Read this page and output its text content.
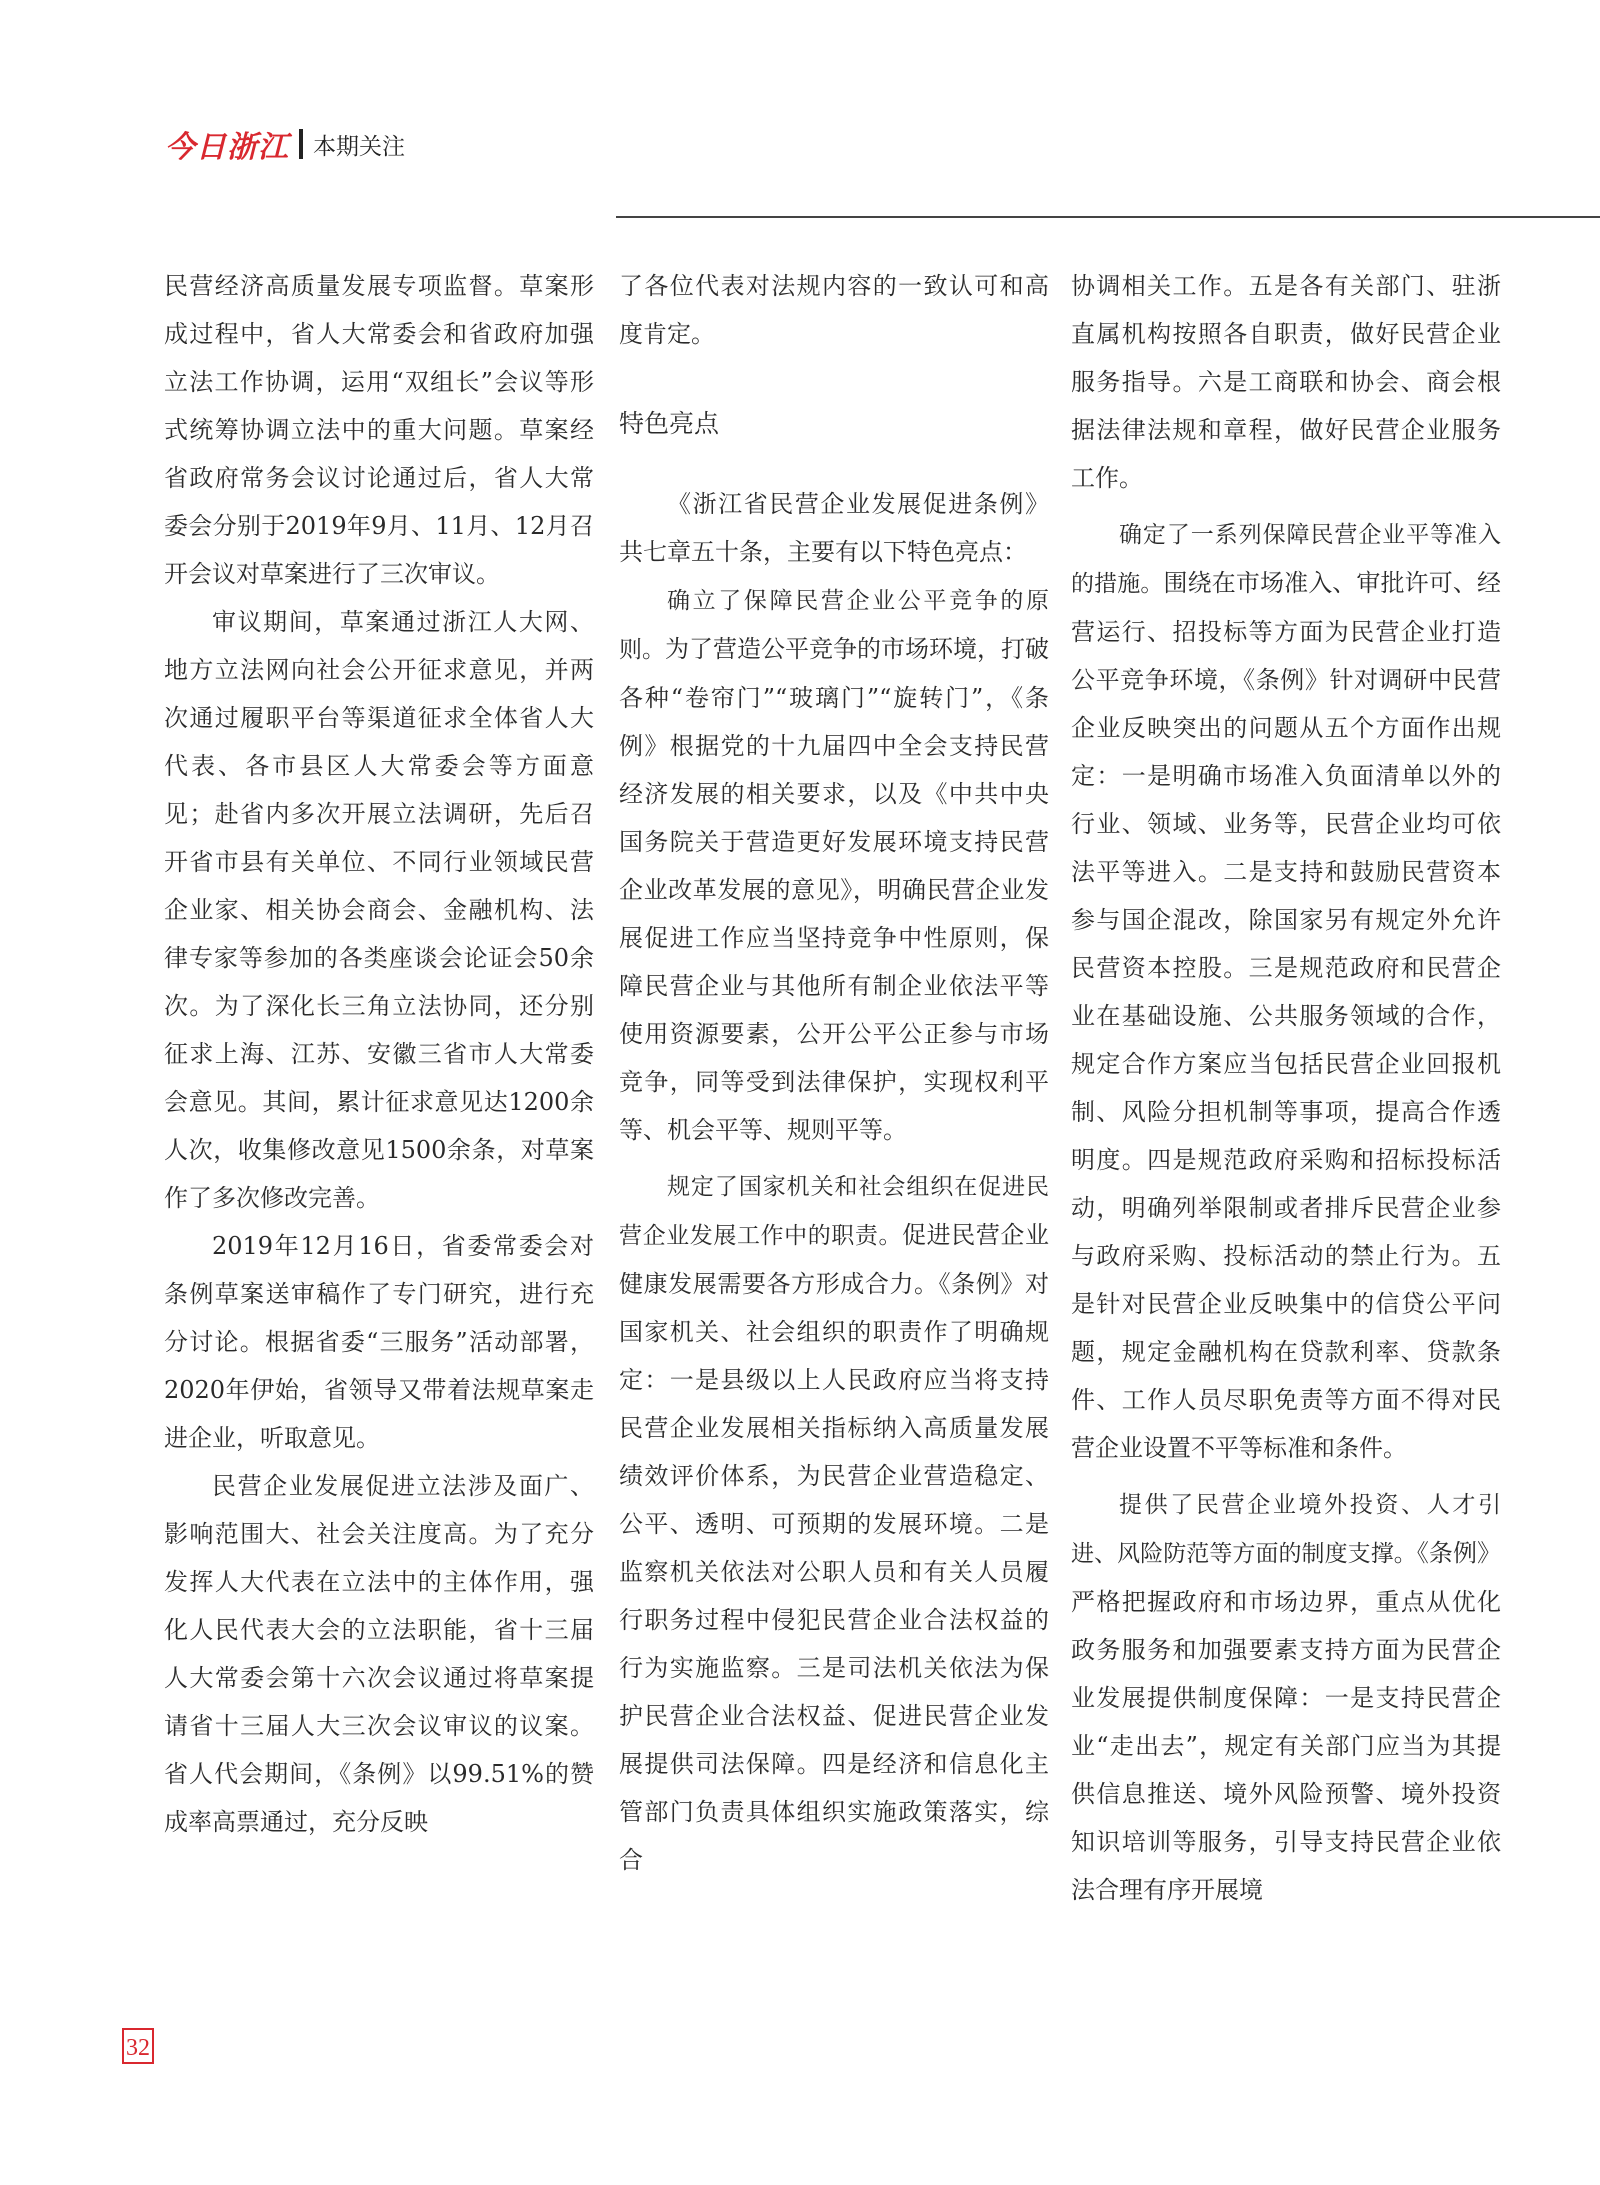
今日浙江 本期关注

民营经济高质量发展专项监督。草案形成过程中，省人大常委会和省政府加强立法工作协调，运用“双组长”会议等形式统筹协调立法中的重大问题。草案经省政府常务会议讨论通过后，省人大常委会分别于2019年9月、11月、12月召开会议对草案进行了三次审议。

审议期间，草案通过浙江人大网、地方立法网向社会公开征求意见，并两次通过履职平台等渠道征求全体省人大代表、各市县区人大常委会等方面意见；赴省内多次开展立法调研，先后召开省市县有关单位、不同行业领域民营企业家、相关协会商会、金融机构、法律专家等参加的各类座谈会论证会50余次。为了深化长三角立法协同，还分别征求上海、江苏、安徽三省市人大常委会意见。其间，累计征求意见达1200余人次，收集修改意见1500余条，对草案作了多次修改完善。

2019年12月16日，省委常委会对条例草案送审稿作了专门研究，进行充分讨论。根据省委“三服务”活动部署，2020年伊始，省领导又带着法规草案走进企业，听取意见。

民营企业发展促进立法涉及面广、影响范围大、社会关注度高。为了充分发挥人大代表在立法中的主体作用，强化人民代表大会的立法职能，省十三届人大常委会第十六次会议通过将草案提请省十三届人大三次会议审议的议案。省人代会期间，《条例》以99.51%的赞成率高票通过，充分反映

了各位代表对法规内容的一致认可和高度肯定。

特色亮点

《浙江省民营企业发展促进条例》共七章五十条，主要有以下特色亮点：

确立了保障民营企业公平竞争的原则。为了营造公平竞争的市场环境，打破各种“卷帘门”“玻璃门”“旋转门”，《条例》根据党的十九届四中全会支持民营经济发展的相关要求，以及《中共中央国务院关于营造更好发展环境支持民营企业改革发展的意见》，明确民营企业发展促进工作应当坚持竞争中性原则，保障民营企业与其他所有制企业依法平等使用资源要素，公开公平公正参与市场竞争，同等受到法律保护，实现权利平等、机会平等、规则平等。

规定了国家机关和社会组织在促进民营企业发展工作中的职责。促进民营企业健康发展需要各方形成合力。《条例》对国家机关、社会组织的职责作了明确规定：一是县级以上人民政府应当将支持民营企业发展相关指标纳入高质量发展绩效评价体系，为民营企业营造稳定、公平、透明、可预期的发展环境。二是监察机关依法对公职人员和有关人员履行职务过程中侵犯民营企业合法权益的行为实施监察。三是司法机关依法为保护民营企业合法权益、促进民营企业发展提供司法保障。四是经济和信息化主管部门负责具体组织实施政策落实，综合

协调相关工作。五是各有关部门、驻浙直属机构按照各自职责，做好民营企业服务指导。六是工商联和协会、商会根据法律法规和章程，做好民营企业服务工作。

确定了一系列保障民营企业平等准入的措施。围绕在市场准入、审批许可、经营运行、招投标等方面为民营企业打造公平竞争环境，《条例》针对调研中民营企业反映突出的问题从五个方面作出规定：一是明确市场准入负面清单以外的行业、领域、业务等，民营企业均可依法平等进入。二是支持和鼓励民营资本参与国企混改，除国家另有规定外允许民营资本控股。三是规范政府和民营企业在基础设施、公共服务领域的合作，规定合作方案应当包括民营企业回报机制、风险分担机制等事项，提高合作透明度。四是规范政府采购和招标投标活动，明确列举限制或者排斥民营企业参与政府采购、投标活动的禁止行为。五是针对民营企业反映集中的信贷公平问题，规定金融机构在贷款利率、贷款条件、工作人员尽职免责等方面不得对民营企业设置不平等标准和条件。

提供了民营企业境外投资、人才引进、风险防范等方面的制度支撑。《条例》严格把握政府和市场边界，重点从优化政务服务和加强要素支持方面为民营企业发展提供制度保障：一是支持民营企业“走出去”，规定有关部门应当为其提供信息推送、境外风险预警、境外投资知识培训等服务，引导支持民营企业依法合理有序开展境

32
